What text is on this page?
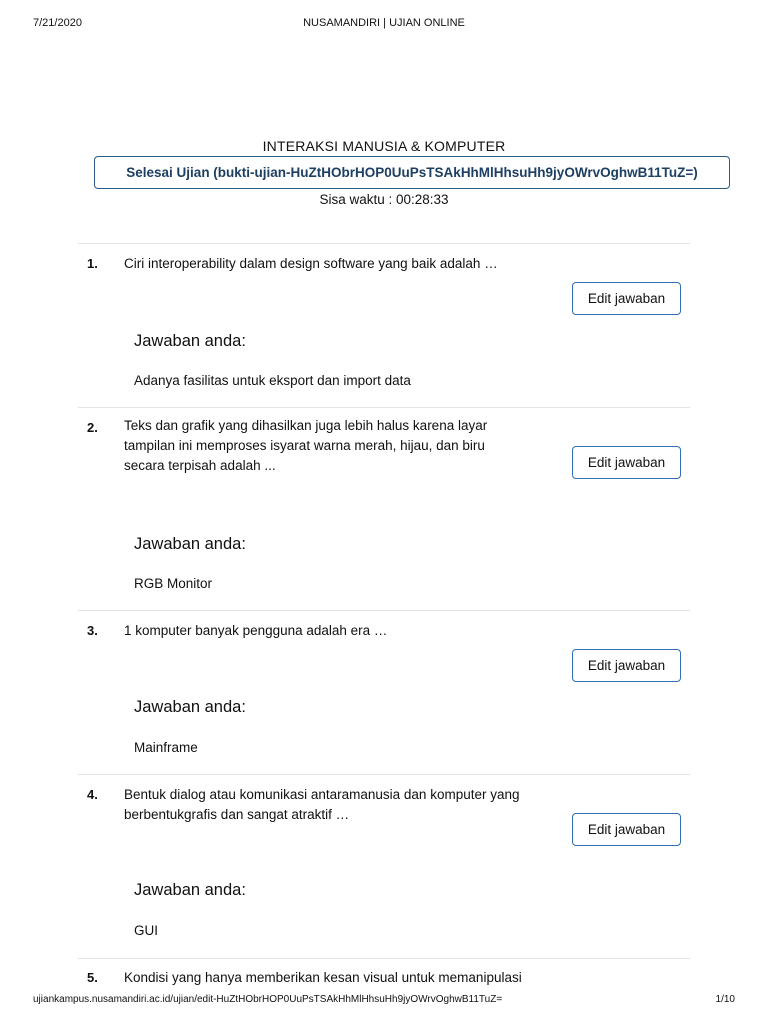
7/21/2020	NUSAMANDIRI | UJIAN ONLINE
INTERAKSI MANUSIA & KOMPUTER
Selesai Ujian (bukti-ujian-HuZtHObrHOP0UuPsTSAkHhMlHhsuHh9jyOWrvOghwB11TuZ=)
Sisa waktu : 00:28:33
1. Ciri interoperability dalam design software yang baik adalah …
Edit jawaban
Jawaban anda:
Adanya fasilitas untuk eksport dan import data
2. Teks dan grafik yang dihasilkan juga lebih halus karena layar
tampilan ini memproses isyarat warna merah, hijau, dan biru
secara terpisah adalah ...	Edit jawaban
Jawaban anda:
RGB Monitor
3. 1 komputer banyak pengguna adalah era …
Edit jawaban
Jawaban anda:
Mainframe
4. Bentuk dialog atau komunikasi antaramanusia dan komputer yang
berbentukgrafis dan sangat atraktif …
Edit jawaban
Jawaban anda:
GUI
5. Kondisi yang hanya memberikan kesan visual untuk memanipulasi
ujiankampus.nusamandiri.ac.id/ujian/edit-HuZtHObrHOP0UuPsTSAkHhMlHhsuHh9jyOWrvOghwB11TuZ=	1/10
